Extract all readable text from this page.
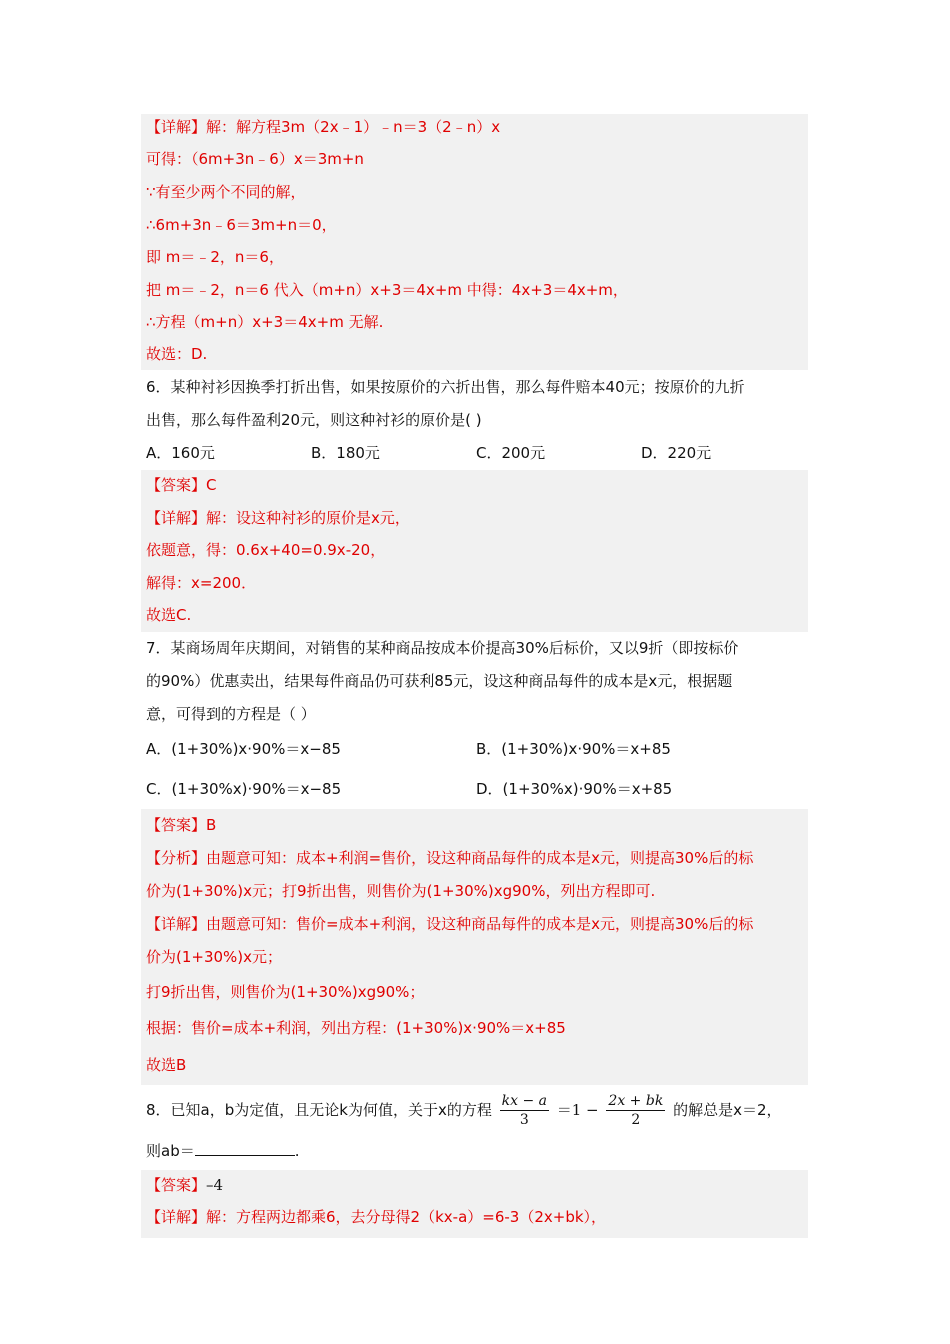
【详解】解：解方程3m（2x﹣1）﹣n＝3（2﹣n）x
可得：（6m+3n﹣6）x＝3m+n
∵有至少两个不同的解，
∴6m+3n﹣6＝3m+n＝0，
即 m＝﹣2，n＝6，
把 m＝﹣2，n＝6 代入（m+n）x+3＝4x+m 中得：4x+3＝4x+m，
∴方程（m+n）x+3＝4x+m 无解.
故选：D.
6．某种衬衫因换季打折出售，如果按原价的六折出售，那么每件赔本40元；按原价的九折
出售，那么每件盈利20元，则这种衬衫的原价是( )
A．160元	B．180元	C．200元	D．220元
【答案】C
【详解】解：设这种衬衫的原价是x元，
依题意，得：0.6x+40=0.9x-20，
解得：x=200．
故选C.
7．某商场周年庆期间，对销售的某种商品按成本价提高30%后标价，又以9折（即按标价
的90%）优惠卖出，结果每件商品仍可获利85元，设这种商品每件的成本是x元，根据题
意，可得到的方程是（ ）
A．(1+30%)x·90%＝x−85	B．(1+30%)x·90%＝x+85
C．(1+30%x)·90%＝x−85	D．(1+30%x)·90%＝x+85
【答案】B
【分析】由题意可知：成本+利润=售价，设这种商品每件的成本是x元，则提高30%后的标
价为(1+30%)x元；打9折出售，则售价为(1+30%)xg90%，列出方程即可.
【详解】由题意可知：售价=成本+利润，设这种商品每件的成本是x元，则提高30%后的标
价为(1+30%)x元；
打9折出售，则售价为(1+30%)xg90%；
根据：售价=成本+利润，列出方程：(1+30%)x·90%＝x+85
故选B
8．已知a，b为定值，且无论k为何值，关于x的方程 $\frac{kx - a}{3} =1 - \frac{2x + bk}{2}$ 的解总是x＝2，
则ab＝	.
【答案】–4
【详解】解：方程两边都乘6，去分母得2（kx-a）=6-3（2x+bk），
